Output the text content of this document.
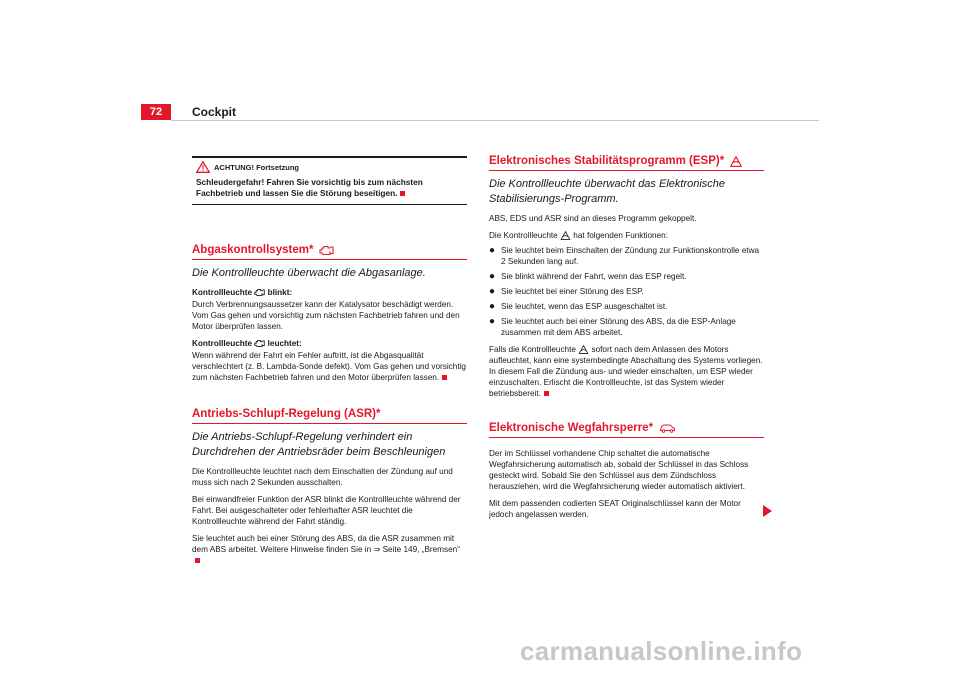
72	Cockpit
ACHTUNG! Fortsetzung
Schleudergefahr! Fahren Sie vorsichtig bis zum nächsten Fachbetrieb und lassen Sie die Störung beseitigen.
Abgaskontrollsystem*
Die Kontrollleuchte überwacht die Abgasanlage.
Kontrollleuchte blinkt:
Durch Verbrennungsaussetzer kann der Katalysator beschädigt werden. Vom Gas gehen und vorsichtig zum nächsten Fachbetrieb fahren und den Motor überprüfen lassen.
Kontrollleuchte leuchtet:
Wenn während der Fahrt ein Fehler auftritt, ist die Abgasqualität verschlechtert (z. B. Lambda-Sonde defekt). Vom Gas gehen und vorsichtig zum nächsten Fachbetrieb fahren und den Motor überprüfen lassen.
Antriebs-Schlupf-Regelung (ASR)*
Die Antriebs-Schlupf-Regelung verhindert ein Durchdrehen der Antriebsräder beim Beschleunigen
Die Kontrollleuchte leuchtet nach dem Einschalten der Zündung auf und muss sich nach 2 Sekunden ausschalten.
Bei einwandfreier Funktion der ASR blinkt die Kontrollleuchte während der Fahrt. Bei ausgeschalteter oder fehlerhafter ASR leuchtet die Kontrollleuchte während der Fahrt ständig.
Sie leuchtet auch bei einer Störung des ABS, da die ASR zusammen mit dem ABS arbeitet. Weitere Hinweise finden Sie in ⇒ Seite 149, „Bremsen“
Elektronisches Stabilitätsprogramm (ESP)*
Die Kontrollleuchte überwacht das Elektronische Stabilisierungs-Programm.
ABS, EDS und ASR sind an dieses Programm gekoppelt.
Die Kontrollleuchte hat folgenden Funktionen:
● Sie leuchtet beim Einschalten der Zündung zur Funktionskontrolle etwa 2 Sekunden lang auf.
● Sie blinkt während der Fahrt, wenn das ESP regelt.
● Sie leuchtet bei einer Störung des ESP.
● Sie leuchtet, wenn das ESP ausgeschaltet ist.
● Sie leuchtet auch bei einer Störung des ABS, da die ESP-Anlage zusammen mit dem ABS arbeitet.
Falls die Kontrollleuchte sofort nach dem Anlassen des Motors aufleuchtet, kann eine systembedingte Abschaltung des Systems vorliegen. In diesem Fall die Zündung aus- und wieder einschalten, um ESP wieder einzuschalten. Erlischt die Kontrollleuchte, ist das System wieder betriebsbereit.
Elektronische Wegfahrsperre*
Der im Schlüssel vorhandene Chip schaltet die automatische Wegfahrsicherung automatisch ab, sobald der Schlüssel in das Schloss gesteckt wird. Sobald Sie den Schlüssel aus dem Zündschloss herausziehen, wird die Wegfahrsicherung wieder automatisch aktiviert.
Mit dem passenden codierten SEAT Originalschlüssel kann der Motor jedoch angelassen werden.
carmanualsonline.info
